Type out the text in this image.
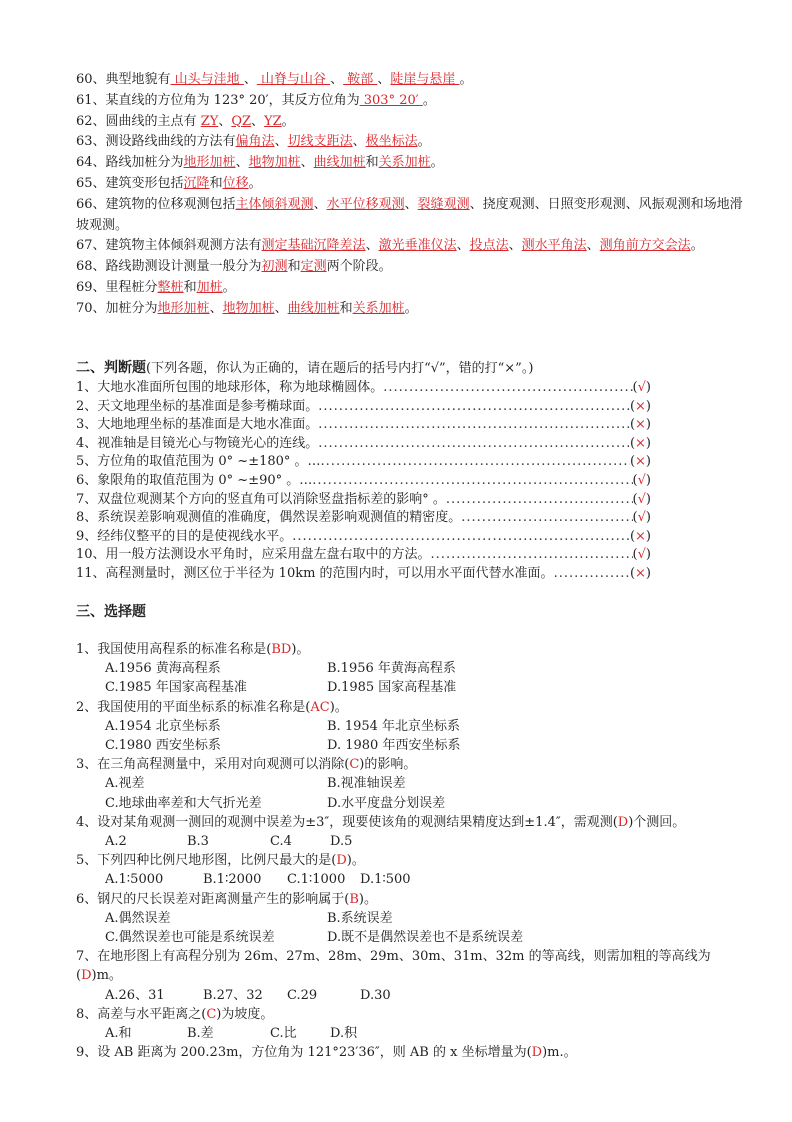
60、典型地貌有 山头与洼地 、 山脊与山谷 、 鞍部 、陡崖与悬崖 。
61、某直线的方位角为 123° 20′，其反方位角为 303° 20′ 。
62、圆曲线的主点有 ZY、QZ、YZ。
63、测设路线曲线的方法有偏角法、切线支距法、极坐标法。
64、路线加桩分为地形加桩、地物加桩、曲线加桩和关系加桩。
65、建筑变形包括沉降和位移。
66、建筑物的位移观测包括主体倾斜观测、水平位移观测、裂缝观测、挠度观测、日照变形观测、风振观测和场地滑坡观测。
67、建筑物主体倾斜观测方法有测定基础沉降差法、激光垂准仪法、投点法、测水平角法、测角前方交会法。
68、路线勘测设计测量一般分为初测和定测两个阶段。
69、里程桩分整桩和加桩。
70、加桩分为地形加桩、地物加桩、曲线加桩和关系加桩。
二、判断题(下列各题，你认为正确的，请在题后的括号内打“√”，错的打“×”。)
1、大地水准面所包围的地球形体，称为地球椭圆体。 .....	(√)
2、天文地理坐标的基准面是参考椭球面。 .....	(×)
3、大地地理坐标的基准面是大地水准面。 .....	(×)
4、视准轴是目镜光心与物镜光心的连线。 .....	(×)
5、方位角的取值范围为 0° ~±180° 。… .....	(×)
6、象限角的取值范围为 0° ~±90° 。… .....	(√)
7、双盘位观测某个方向的竖直角可以消除竖盘指标差的影响° 。 .....	(√)
8、系统误差影响观测值的准确度，偶然误差影响观测值的精密度。 .....	(√)
9、经纬仪整平的目的是使视线水平。 .....	(×)
10、用一般方法测设水平角时，应采用盘左盘右取中的方法。 .....	(√)
11、高程测量时，测区位于半径为 10km 的范围内时，可以用水平面代替水准面。 .....	(×)
三、选择题
1、我国使用高程系的标准名称是(BD)。
A.1956 黄海高程系	B.1956 年黄海高程系
C.1985 年国家高程基准	D.1985 国家高程基准
2、我国使用的平面坐标系的标准名称是(AC)。
A.1954 北京坐标系	B. 1954 年北京坐标系
C.1980 西安坐标系	D. 1980 年西安坐标系
3、在三角高程测量中，采用对向观测可以消除(C)的影响。
A.视差	B.视准轴误差
C.地球曲率差和大气折光差	D.水平度盘分划误差
4、设对某角观测一测回的观测中误差为±3″，现要使该角的观测结果精度达到±1.4″，需观测(D)个测回。
A.2	B.3	C.4	D.5
5、下列四种比例尺地形图，比例尺最大的是(D)。
A.1∶5000	B.1∶2000 C.1∶1000 D.1∶500
6、钢尺的尺长误差对距离测量产生的影响属于(B)。
A.偶然误差	B.系统误差
C.偶然误差也可能是系统误差	D.既不是偶然误差也不是系统误差
7、在地形图上有高程分别为 26m、27m、28m、29m、30m、31m、32m 的等高线，则需加粗的等高线为(D)m。
A.26、31	B.27、32 C.29	D.30
8、高差与水平距离之(C)为坡度。
A.和	B.差	C.比	D.积
9、设 AB 距离为 200.23m，方位角为 121°23′36″，则 AB 的 x 坐标增量为(D)m.。
